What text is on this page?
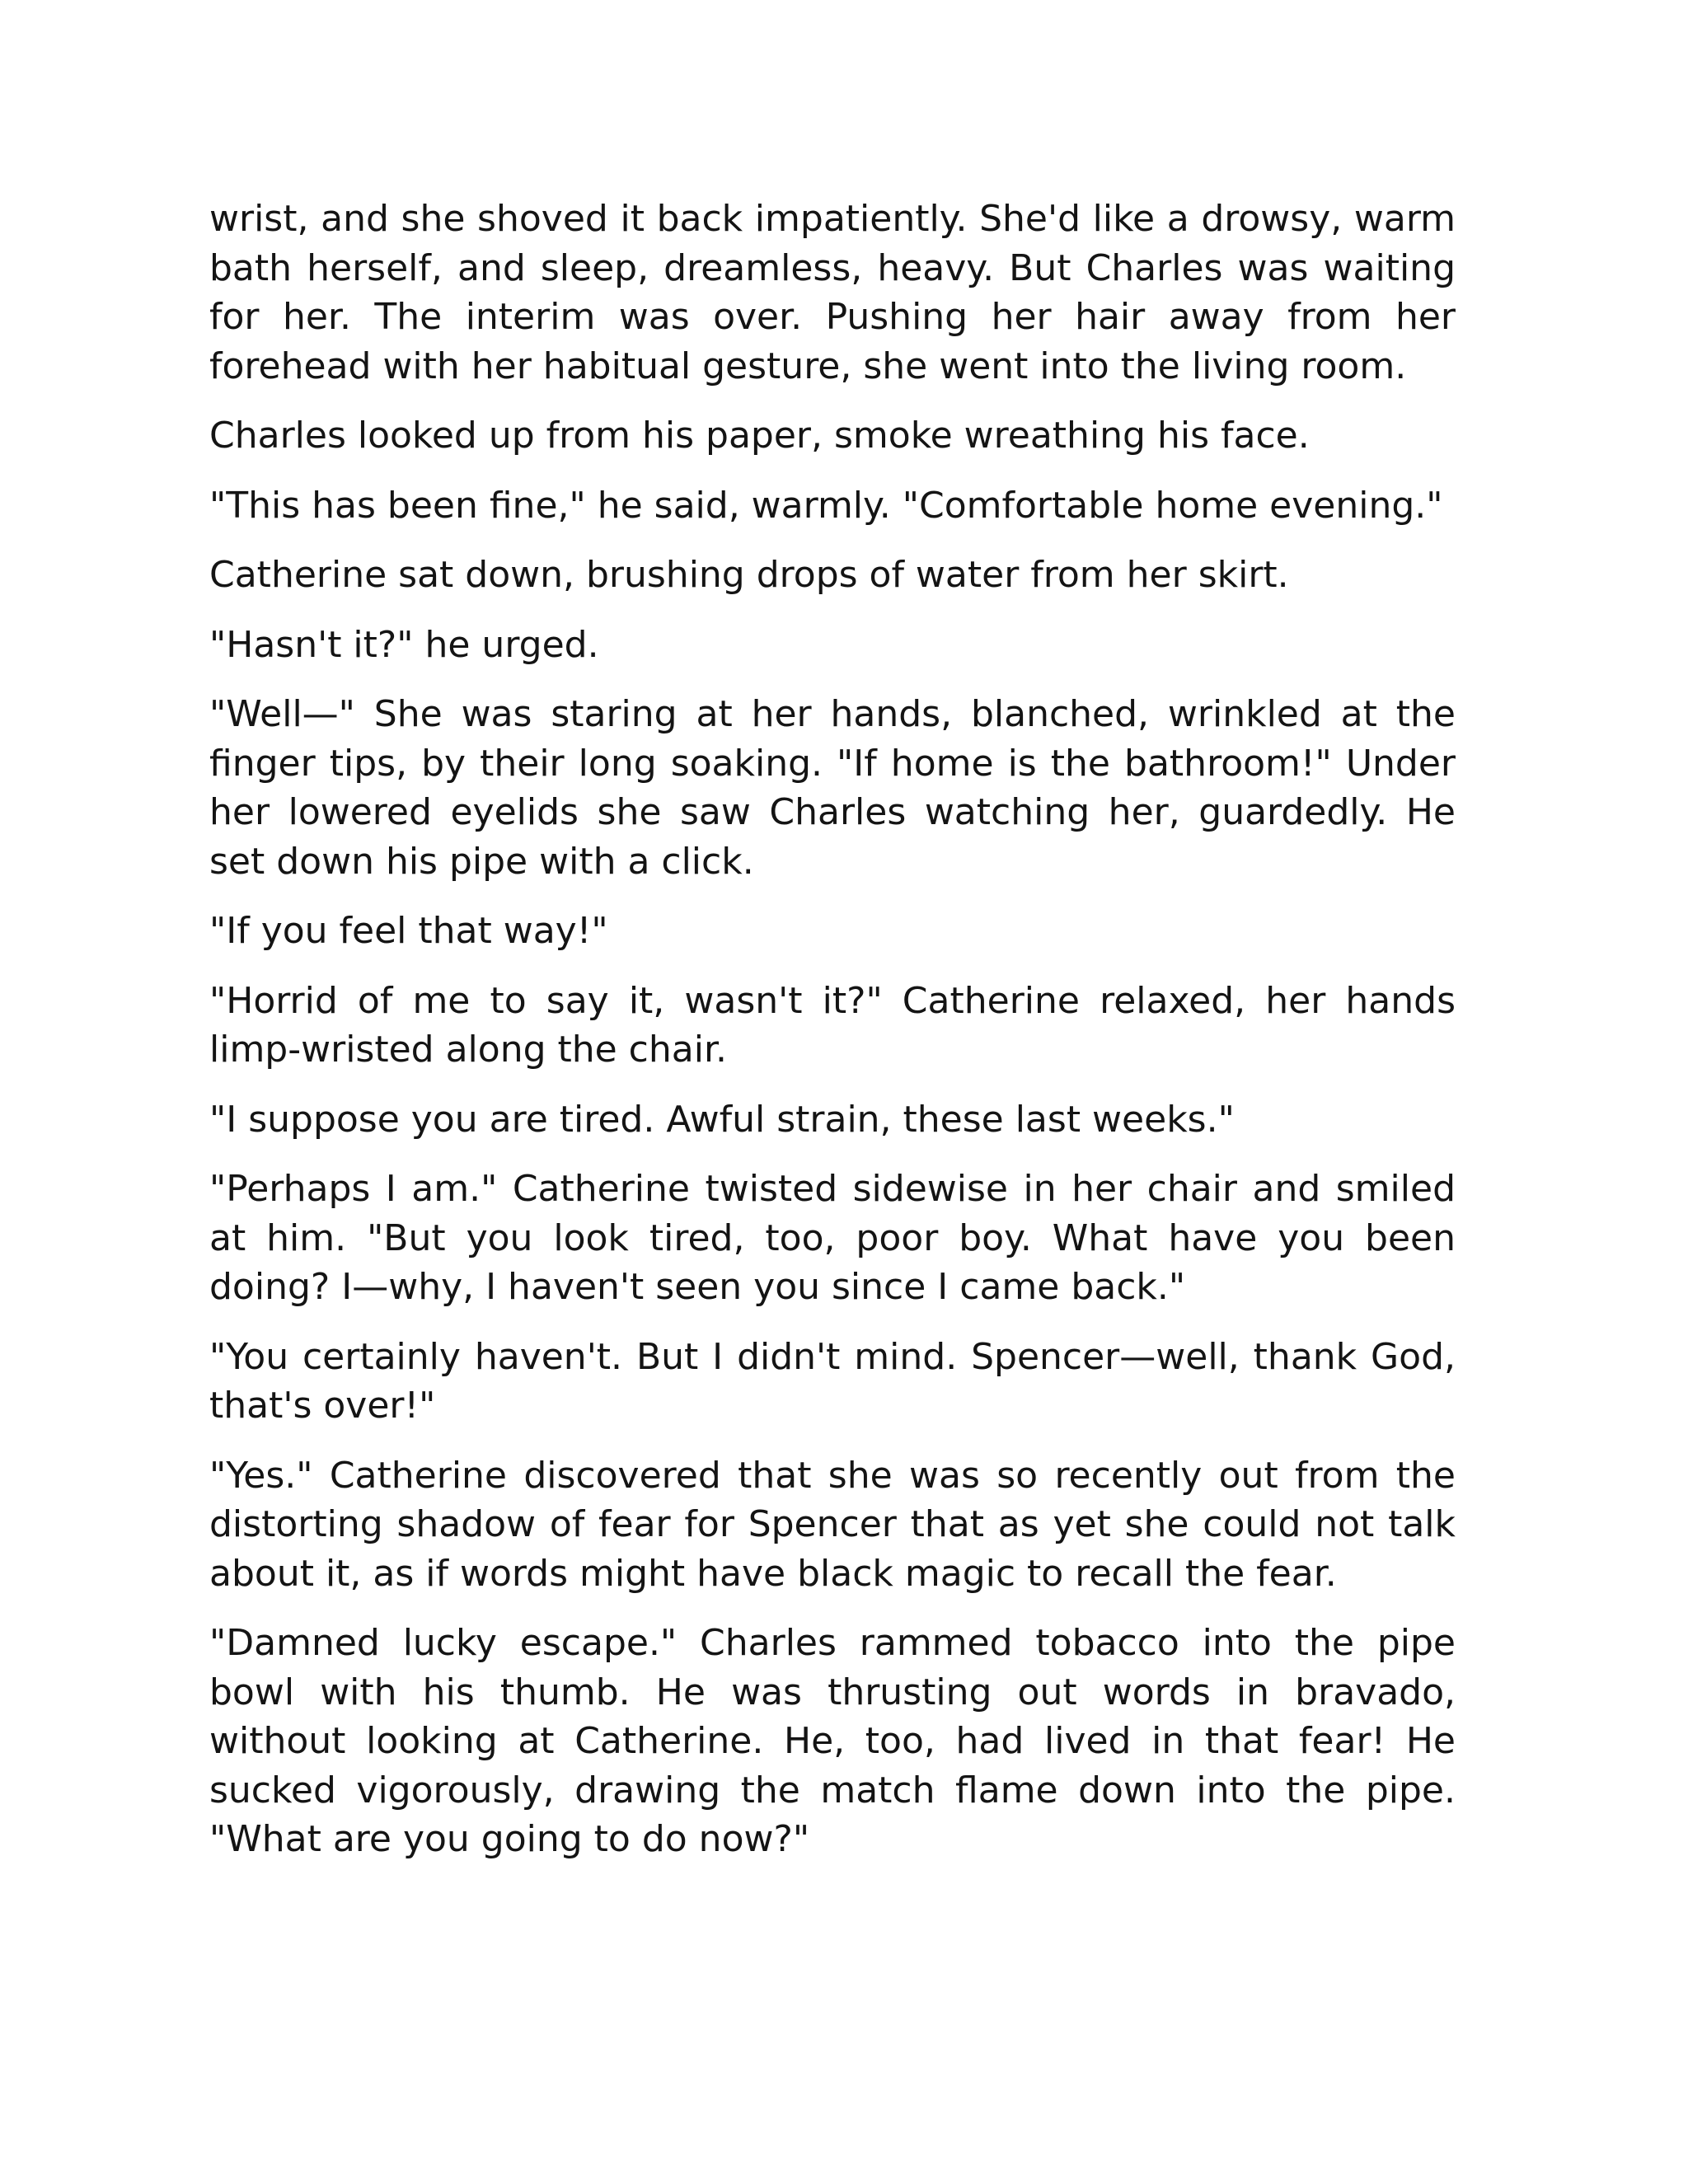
wrist, and she shoved it back impatiently. She'd like a drowsy, warm bath herself, and sleep, dreamless, heavy. But Charles was waiting for her. The interim was over. Pushing her hair away from her forehead with her habitual gesture, she went into the living room.

Charles looked up from his paper, smoke wreathing his face.

"This has been fine," he said, warmly. "Comfortable home evening."

Catherine sat down, brushing drops of water from her skirt.

"Hasn't it?" he urged.

"Well—" She was staring at her hands, blanched, wrinkled at the finger tips, by their long soaking. "If home is the bathroom!" Under her lowered eyelids she saw Charles watching her, guardedly. He set down his pipe with a click.

"If you feel that way!"

"Horrid of me to say it, wasn't it?" Catherine relaxed, her hands limp-wristed along the chair.

"I suppose you are tired. Awful strain, these last weeks."

"Perhaps I am." Catherine twisted sidewise in her chair and smiled at him. "But you look tired, too, poor boy. What have you been doing? I—why, I haven't seen you since I came back."

"You certainly haven't. But I didn't mind. Spencer—well, thank God, that's over!"

"Yes." Catherine discovered that she was so recently out from the distorting shadow of fear for Spencer that as yet she could not talk about it, as if words might have black magic to recall the fear.

"Damned lucky escape." Charles rammed tobacco into the pipe bowl with his thumb. He was thrusting out words in bravado, without looking at Catherine. He, too, had lived in that fear! He sucked vigorously, drawing the match flame down into the pipe. "What are you going to do now?"
